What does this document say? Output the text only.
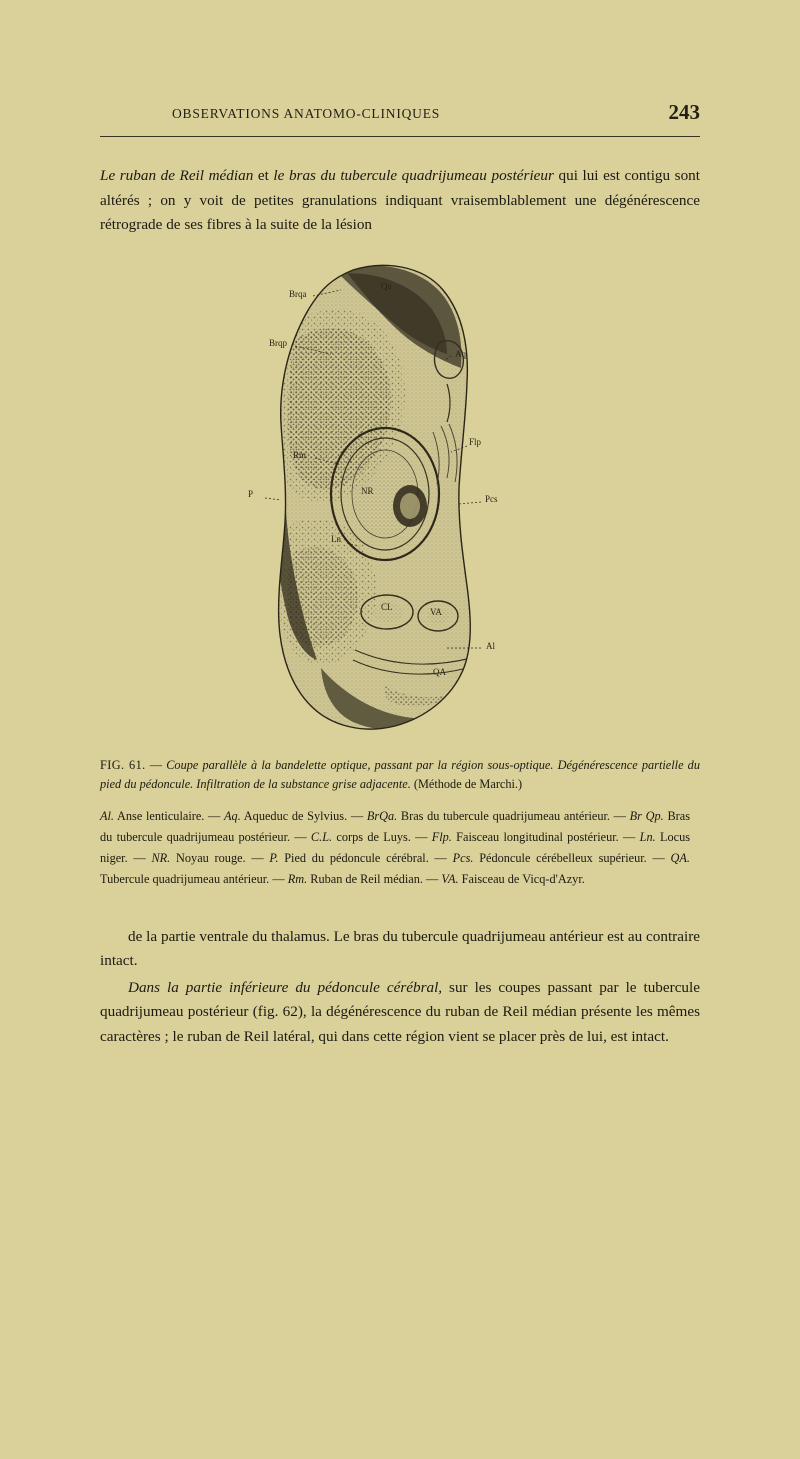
OBSERVATIONS ANATOMO-CLINIQUES	243
Le ruban de Reil médian et le bras du tubercule quadrijumeau postérieur qui lui est contigu sont altérés ; on y voit de petites granulations indiquant vraisemblablement une dégénérescence rétrograde de ses fibres à la suite de la lésion
Brqa
Qa
Brqp
Aq
Flp
Rm
P	NR
Pcs
Ln
CL	VA
Al
QA
FIG. 61. — Coupe parallèle à la bandelette optique, passant par la région sous-optique. Dégénérescence partielle du pied du pédoncule. Infiltration de la substance grise adjacente. (Méthode de Marchi.)
Al. Anse lenticulaire. — Aq. Aqueduc de Sylvius. — BrQa. Bras du tubercule quadrijumeau antérieur. — Br Qp. Bras du tubercule quadrijumeau postérieur. — C.L. corps de Luys. — Flp. Faisceau longitudinal postérieur. — Ln. Locus niger. — NR. Noyau rouge. — P. Pied du pédoncule cérébral. — Pcs. Pédoncule cérébelleux supérieur. — QA. Tubercule quadrijumeau antérieur. — Rm. Ruban de Reil médian. — VA. Faisceau de Vicq-d'Azyr.

de la partie ventrale du thalamus. Le bras du tubercule quadrijumeau antérieur est au contraire intact.

Dans la partie inférieure du pédoncule cérébral, sur les coupes passant par le tubercule quadrijumeau postérieur (fig. 62), la dégénérescence du ruban de Reil médian présente les mêmes caractères ; le ruban de Reil latéral, qui dans cette région vient se placer près de lui, est intact.
